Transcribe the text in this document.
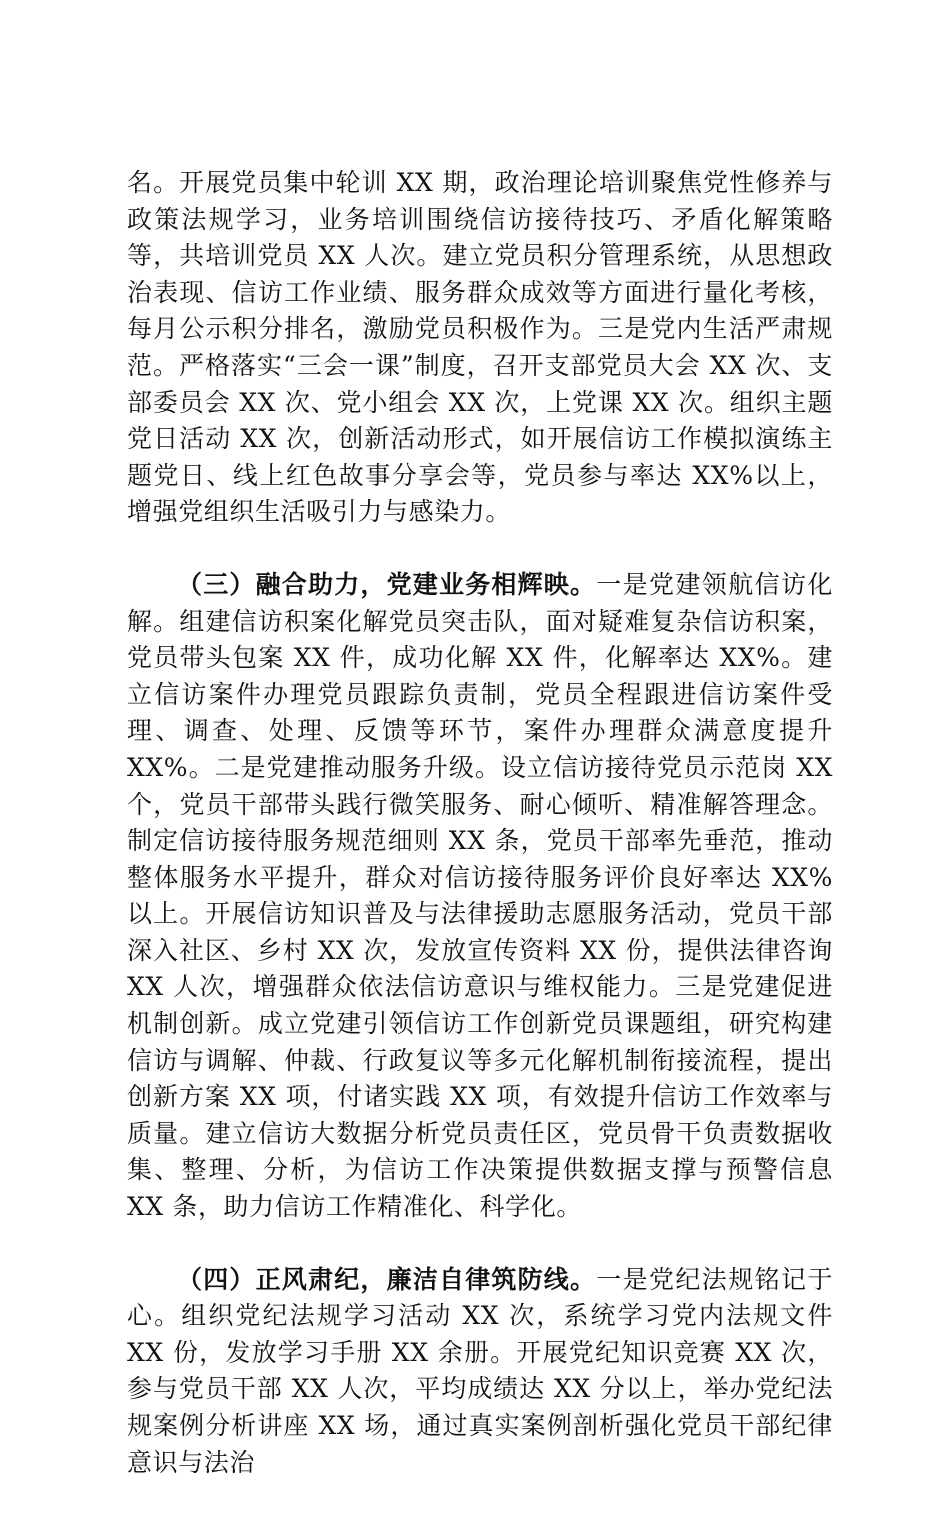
名。开展党员集中轮训 XX 期，政治理论培训聚焦党性修养与政策法规学习，业务培训围绕信访接待技巧、矛盾化解策略等，共培训党员 XX 人次。建立党员积分管理系统，从思想政治表现、信访工作业绩、服务群众成效等方面进行量化考核，每月公示积分排名，激励党员积极作为。三是党内生活严肃规范。严格落实“三会一课”制度，召开支部党员大会 XX 次、支部委员会 XX 次、党小组会 XX 次，上党课 XX 次。组织主题党日活动 XX 次，创新活动形式，如开展信访工作模拟演练主题党日、线上红色故事分享会等，党员参与率达 XX%以上，增强党组织生活吸引力与感染力。

（三）融合助力，党建业务相辉映。一是党建领航信访化解。组建信访积案化解党员突击队，面对疑难复杂信访积案，党员带头包案 XX 件，成功化解 XX 件，化解率达 XX%。建立信访案件办理党员跟踪负责制，党员全程跟进信访案件受理、调查、处理、反馈等环节，案件办理群众满意度提升 XX%。二是党建推动服务升级。设立信访接待党员示范岗 XX 个，党员干部带头践行微笑服务、耐心倾听、精准解答理念。制定信访接待服务规范细则 XX 条，党员干部率先垂范，推动整体服务水平提升，群众对信访接待服务评价良好率达 XX%以上。开展信访知识普及与法律援助志愿服务活动，党员干部深入社区、乡村 XX 次，发放宣传资料 XX 份，提供法律咨询 XX 人次，增强群众依法信访意识与维权能力。三是党建促进机制创新。成立党建引领信访工作创新党员课题组，研究构建信访与调解、仲裁、行政复议等多元化解机制衔接流程，提出创新方案 XX 项，付诸实践 XX 项，有效提升信访工作效率与质量。建立信访大数据分析党员责任区，党员骨干负责数据收集、整理、分析，为信访工作决策提供数据支撑与预警信息 XX 条，助力信访工作精准化、科学化。

（四）正风肃纪，廉洁自律筑防线。一是党纪法规铭记于心。组织党纪法规学习活动 XX 次，系统学习党内法规文件 XX 份，发放学习手册 XX 余册。开展党纪知识竞赛 XX 次，参与党员干部 XX 人次，平均成绩达 XX 分以上，举办党纪法规案例分析讲座 XX 场，通过真实案例剖析强化党员干部纪律意识与法治
